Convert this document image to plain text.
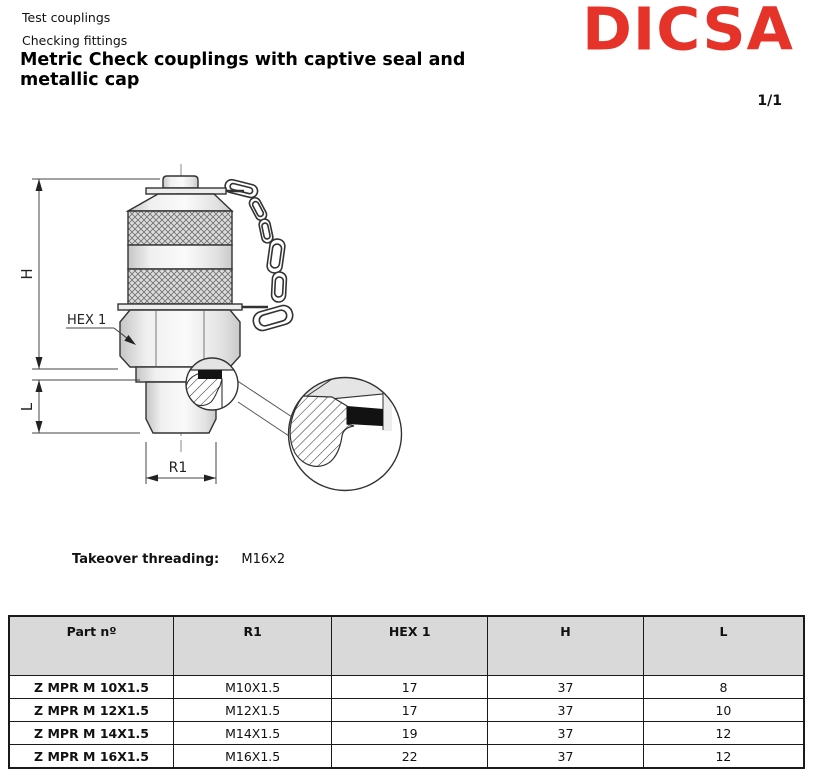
Test couplings
Checking fittings
Metric Check couplings with captive seal and metallic cap
DICSA
1/1
H
L
R1
HEX 1
Takeover threading: M16x2
Part nº	R1	HEX 1	H	L
Z MPR M 10X1.5	M10X1.5	17	37	8
Z MPR M 12X1.5	M12X1.5	17	37	10
Z MPR M 14X1.5	M14X1.5	19	37	12
Z MPR M 16X1.5	M16X1.5	22	37	12
